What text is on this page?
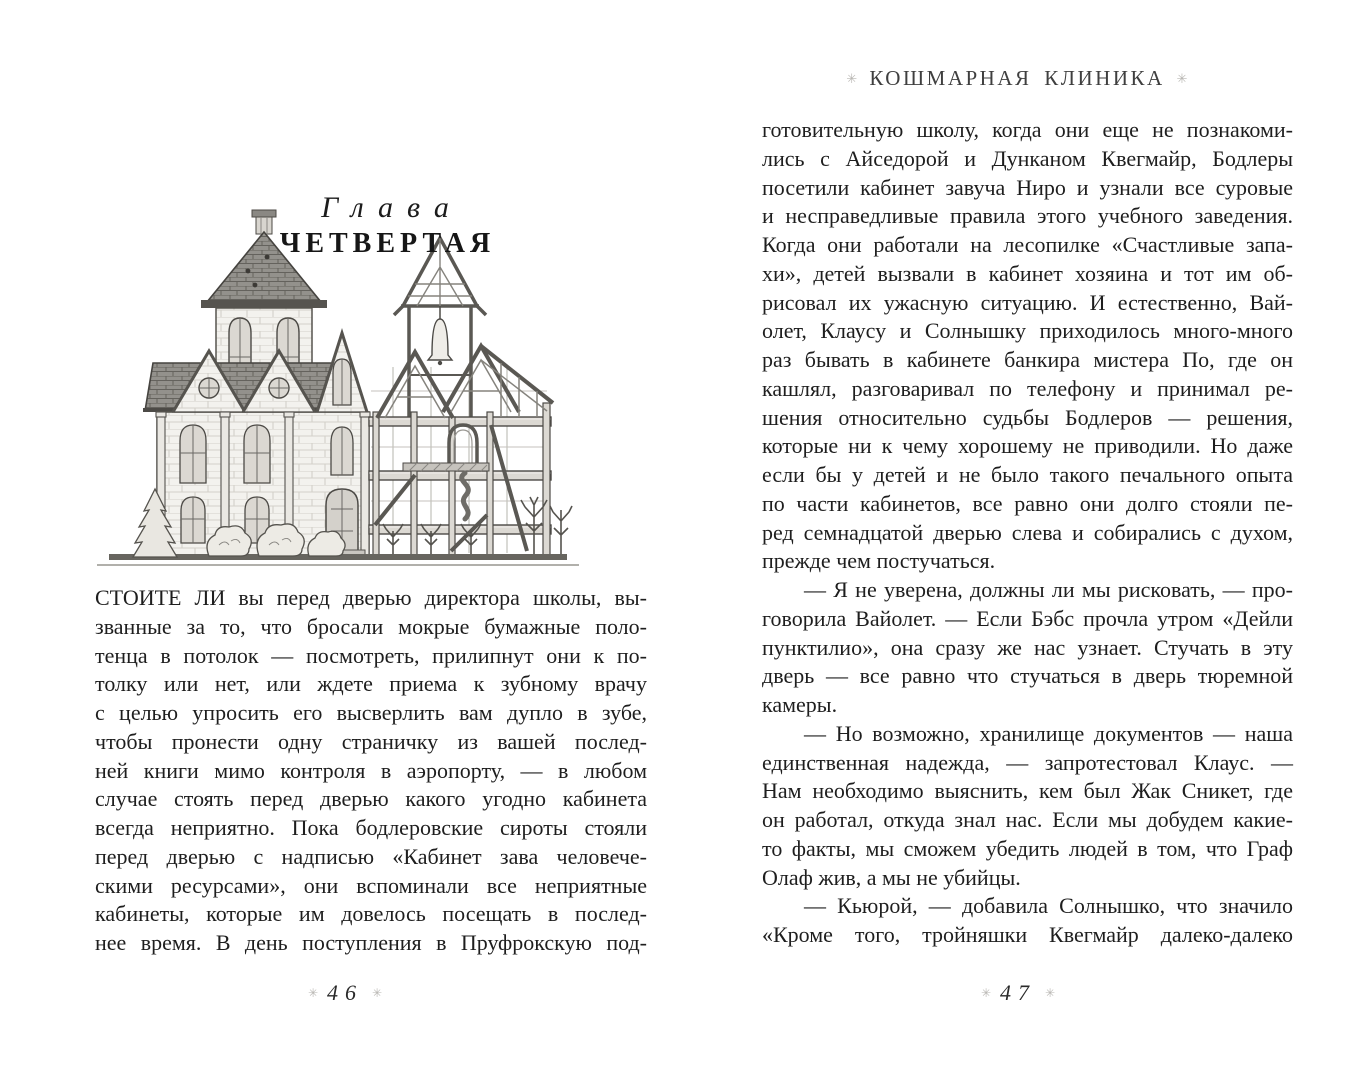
Глава
ЧЕТВЕРТАЯ
СТОИТЕ ЛИ вы перед дверью директора школы, вы-
званные за то, что бросали мокрые бумажные поло-
тенца в потолок — посмотреть, прилипнут они к по-
толку или нет, или ждете приема к зубному врачу
с целью упросить его высверлить вам дупло в зубе,
чтобы пронести одну страничку из вашей послед-
ней книги мимо контроля в аэропорту, — в любом
случае стоять перед дверью какого угодно кабинета
всегда неприятно. Пока бодлеровские сироты стояли
перед дверью с надписью «Кабинет зава человече-
скими ресурсами», они вспоминали все неприятные
кабинеты, которые им довелось посещать в послед-
нее время. В день поступления в Пруфрокскую под-
✳ 46 ✳
✳ КОШМАРНАЯ КЛИНИКА ✳
готовительную школу, когда они еще не познакоми-
лись с Айседорой и Дунканом Квегмайр, Бодлеры
посетили кабинет завуча Ниро и узнали все суровые
и несправедливые правила этого учебного заведения.
Когда они работали на лесопилке «Счастливые запа-
хи», детей вызвали в кабинет хозяина и тот им об-
рисовал их ужасную ситуацию. И естественно, Вай-
олет, Клаусу и Солнышку приходилось много-много
раз бывать в кабинете банкира мистера По, где он
кашлял, разговаривал по телефону и принимал ре-
шения относительно судьбы Бодлеров — решения,
которые ни к чему хорошему не приводили. Но даже
если бы у детей и не было такого печального опыта
по части кабинетов, все равно они долго стояли пе-
ред семнадцатой дверью слева и собирались с духом,
прежде чем постучаться.
— Я не уверена, должны ли мы рисковать, — про-
говорила Вайолет. — Если Бэбс прочла утром «Дейли
пунктилио», она сразу же нас узнает. Стучать в эту
дверь — все равно что стучаться в дверь тюремной
камеры.
— Но возможно, хранилище документов — наша
единственная надежда, — запротестовал Клаус. —
Нам необходимо выяснить, кем был Жак Сникет, где
он работал, откуда знал нас. Если мы добудем какие-
то факты, мы сможем убедить людей в том, что Граф
Олаф жив, а мы не убийцы.
— Кьюрой, — добавила Солнышко, что значило
«Кроме того, тройняшки Квегмайр далеко-далеко
✳ 47 ✳
